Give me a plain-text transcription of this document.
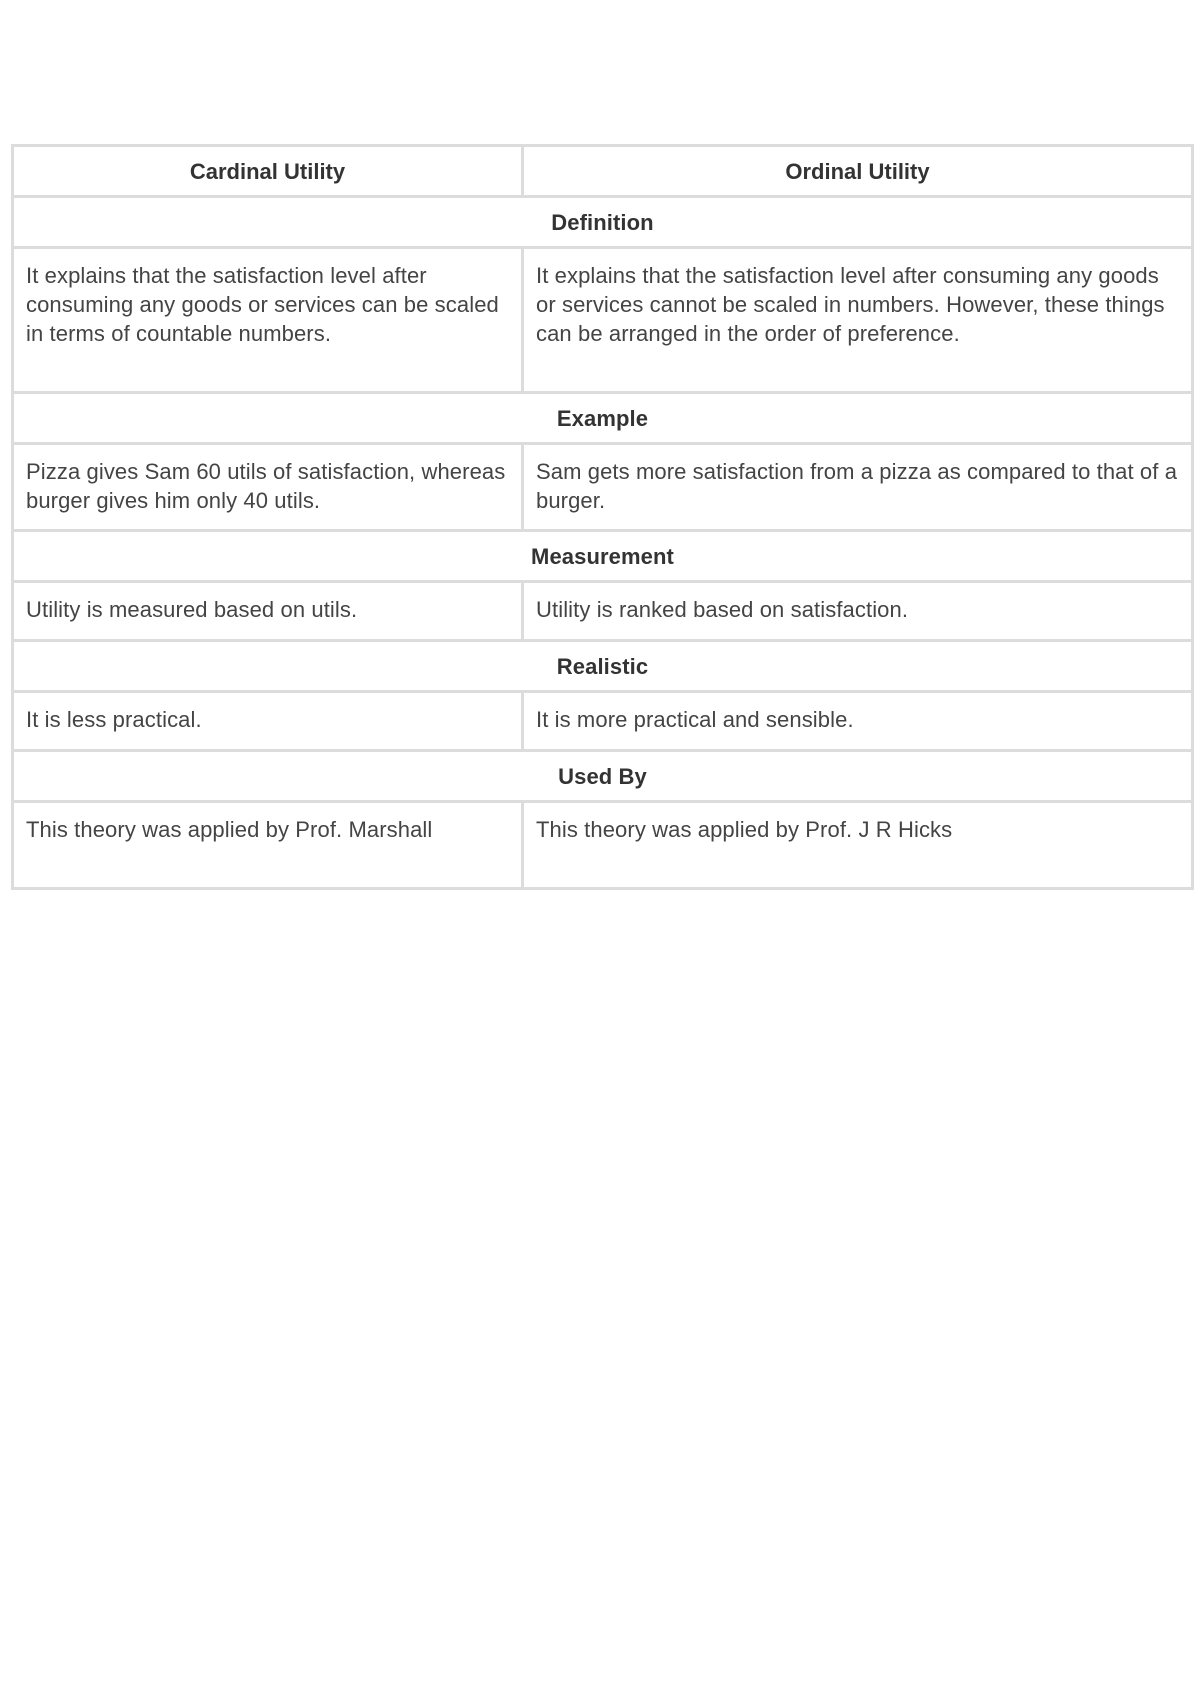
Cardinal Utility	Ordinal Utility
Definition	
It explains that the satisfaction level after consuming any goods or services can be scaled in terms of countable numbers.	It explains that the satisfaction level after consuming any goods or services cannot be scaled in numbers. However, these things can be arranged in the order of preference.
Example	
Pizza gives Sam 60 utils of satisfaction, whereas burger gives him only 40 utils.	Sam gets more satisfaction from a pizza as compared to that of a burger.
Measurement	
Utility is measured based on utils.	Utility is ranked based on satisfaction.
Realistic	
It is less practical.	It is more practical and sensible.
Used By	
This theory was applied by Prof. Marshall	This theory was applied by Prof. J R Hicks
